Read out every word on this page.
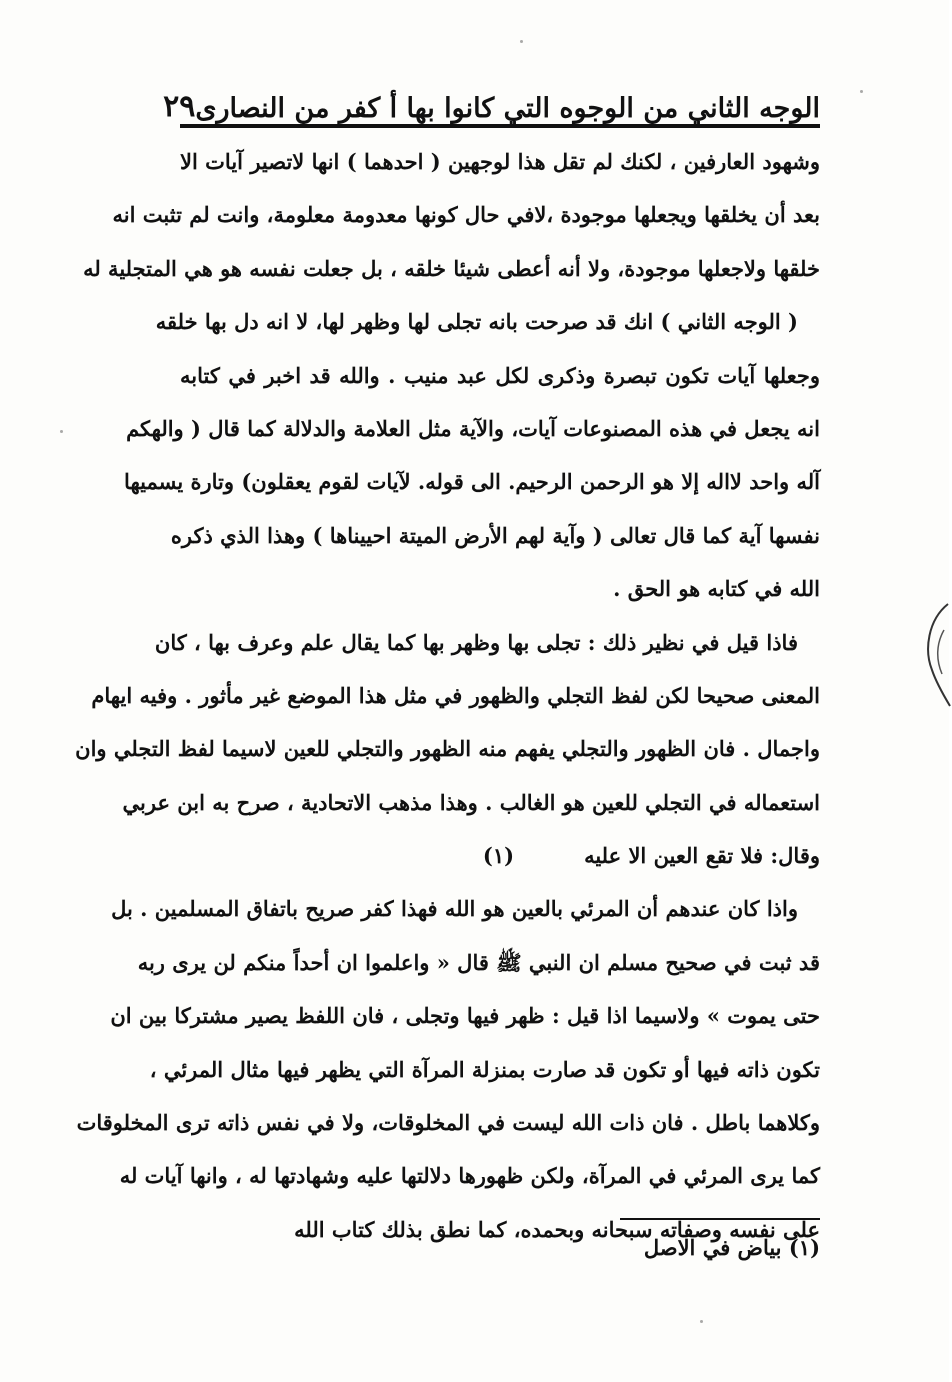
الوجه الثاني من الوجوه التي كانوا بها أ كفر من النصارى
٢٩
وشهود العارفين ، لكنك لم تقل هذا لوجهين ( احدهما ) انها لاتصير آيات الا
بعد أن يخلقها ويجعلها موجودة ،لافي حال كونها معدومة معلومة، وانت لم تثبت انه
خلقها ولاجعلها موجودة، ولا أنه أعطى شيئا خلقه ، بل جعلت نفسه هو هي المتجلية له
( الوجه الثاني ) انك قد صرحت بانه تجلى لها وظهر لها، لا انه دل بها خلقه
وجعلها آيات تكون تبصرة وذكرى لكل عبد منيب . والله قد اخبر في كتابه
انه يجعل في هذه المصنوعات آيات، والآية مثل العلامة والدلالة كما قال ( والهكم
آله واحد لااله إلا هو الرحمن الرحيم. الى قوله. لآيات لقوم يعقلون) وتارة يسميها
نفسها آية كما قال تعالى ( وآية لهم الأرض الميتة احييناها ) وهذا الذي ذكره
الله في كتابه هو الحق .
فاذا قيل في نظير ذلك : تجلى بها وظهر بها كما يقال علم وعرف بها ، كان
المعنى صحيحا لكن لفظ التجلي والظهور في مثل هذا الموضع غير مأثور . وفيه ايهام
واجمال . فان الظهور والتجلي يفهم منه الظهور والتجلي للعين لاسيما لفظ التجلي وان
استعماله في التجلي للعين هو الغالب . وهذا مذهب الاتحادية ، صرح به ابن عربي
وقال: فلا تقع العين الا عليه(١)
واذا كان عندهم أن المرئي بالعين هو الله فهذا كفر صريح باتفاق المسلمين . بل
قد ثبت في صحيح مسلم ان النبي ﷺ قال « واعلموا ان أحداً منكم لن يرى ربه
حتى يموت » ولاسيما اذا قيل : ظهر فيها وتجلى ، فان اللفظ يصير مشتركا بين ان
تكون ذاته فيها أو تكون قد صارت بمنزلة المرآة التي يظهر فيها مثال المرئي ،
وكلاهما باطل . فان ذات الله ليست في المخلوقات، ولا في نفس ذاته ترى المخلوقات
كما يرى المرئي في المرآة، ولكن ظهورها دلالتها عليه وشهادتها له ، وانها آيات له
على نفسه وصفاته سبحانه وبحمده، كما نطق بذلك كتاب الله
(١) بياض في الاصل
